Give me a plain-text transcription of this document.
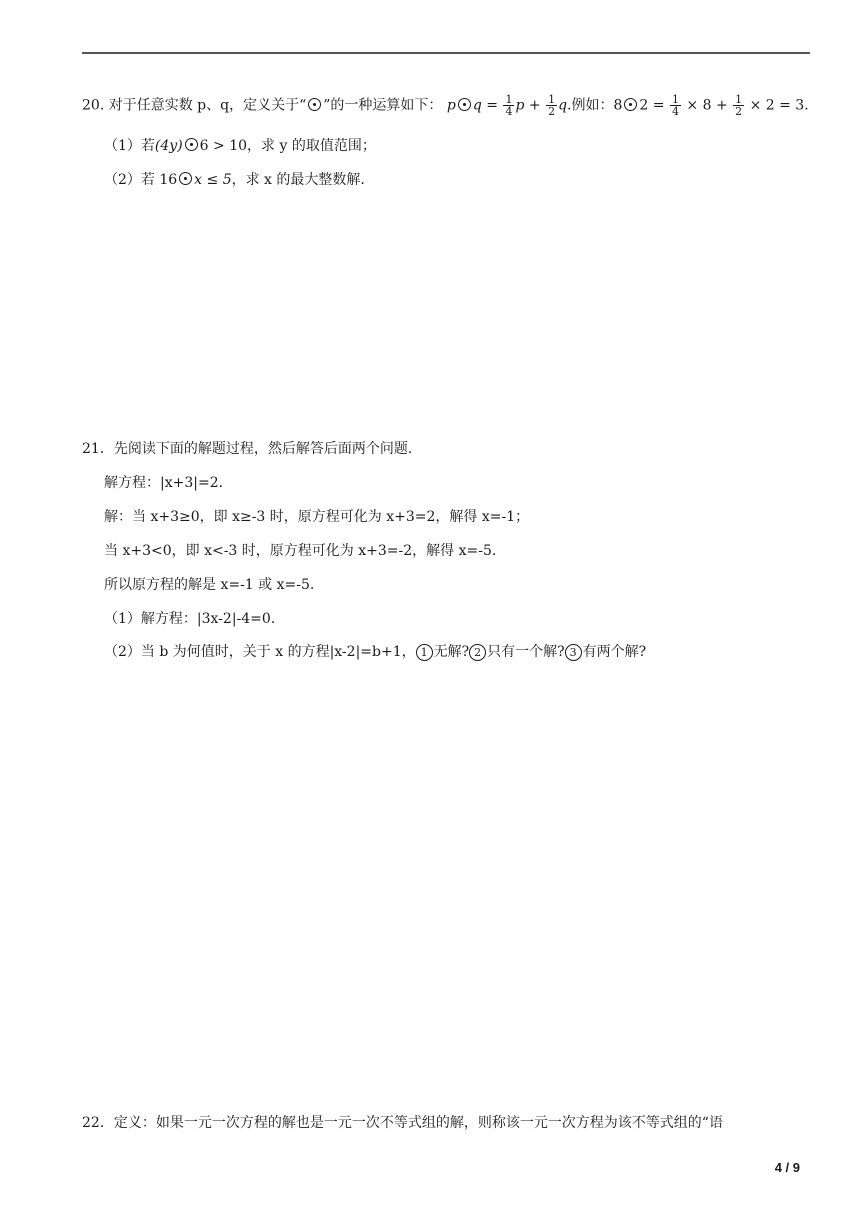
20. 对于任意实数 p、q，定义关于“ ”的一种运算如下： p $q = \frac{1}{4}$ $p + \frac{1}{2} q$.例如：8 $2 = \frac{1}{4} \times 8 + \frac{1}{2} \times 2 = 3$.
（1）若(4y) 6 > 10，求 y 的取值范围；
（2）若 16 x ≤ 5，求 x 的最大整数解.
21．先阅读下面的解题过程，然后解答后面两个问题.
解方程：|x+3|=2.
解：当 x+3≥0，即 x≥-3 时，原方程可化为 x+3=2，解得 x=-1；
当 x+3<0，即 x<-3 时，原方程可化为 x+3=-2，解得 x=-5.
所以原方程的解是 x=-1 或 x=-5.
（1）解方程：|3x-2|-4=0.
（2）当 b 为何值时，关于 x 的方程|x-2|=b+1， 1 无解? 2 只有一个解? 3 有两个解?
22．定义：如果一元一次方程的解也是一元一次不等式组的解，则称该一元一次方程为该不等式组的“语
4 / 9
